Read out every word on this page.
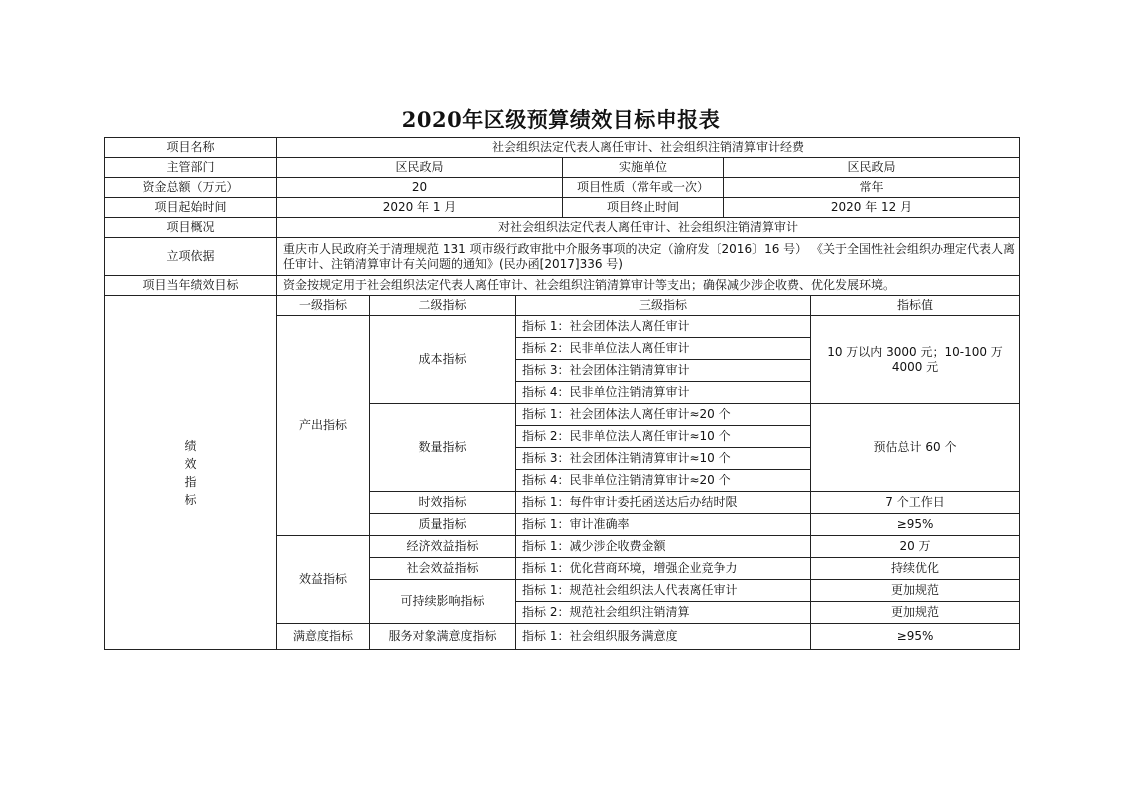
2020年区级预算绩效目标申报表
项目名称	社会组织法定代表人离任审计、社会组织注销清算审计经费					
主管部门	区民政局			实施单位	区民政局	
资金总额（万元）	20			项目性质（常年或一次）	常年	
项目起始时间	2020 年 1 月			项目终止时间	2020 年 12 月	
项目概况	对社会组织法定代表人离任审计、社会组织注销清算审计					
立项依据	重庆市人民政府关于清理规范 131 项市级行政审批中介服务事项的决定（渝府发〔2016〕16 号） 《关于全国性社会组织办理定代表人离任审计、注销清算审计有关问题的通知》(民办函[2017]336 号)					
项目当年绩效目标	资金按规定用于社会组织法定代表人离任审计、社会组织注销清算审计等支出；确保减少涉企收费、优化发展环境。					

绩
效
指
标	一级指标	二级指标	三级指标			指标值
	产出指标	成本指标	指标 1：社会团体法人离任审计			10 万以内 3000 元；10-100 万 4000 元
			指标 2：民非单位法人离任审计			
			指标 3：社会团体注销清算审计			
			指标 4：民非单位注销清算审计			
		数量指标	指标 1：社会团体法人离任审计≈20 个			预估总计 60 个
			指标 2：民非单位法人离任审计≈10 个			
			指标 3：社会团体注销清算审计≈10 个			
			指标 4：民非单位注销清算审计≈20 个			
		时效指标	指标 1：每件审计委托函送达后办结时限			7 个工作日
		质量指标	指标 1：审计准确率			≥95%
	效益指标	经济效益指标	指标 1：减少涉企收费金额			20 万
		社会效益指标	指标 1：优化营商环境，增强企业竞争力			持续优化
		可持续影响指标	指标 1：规范社会组织法人代表离任审计			更加规范
			指标 2：规范社会组织注销清算			更加规范
	满意度指标	服务对象满意度指标	指标 1：社会组织服务满意度			≥95%
